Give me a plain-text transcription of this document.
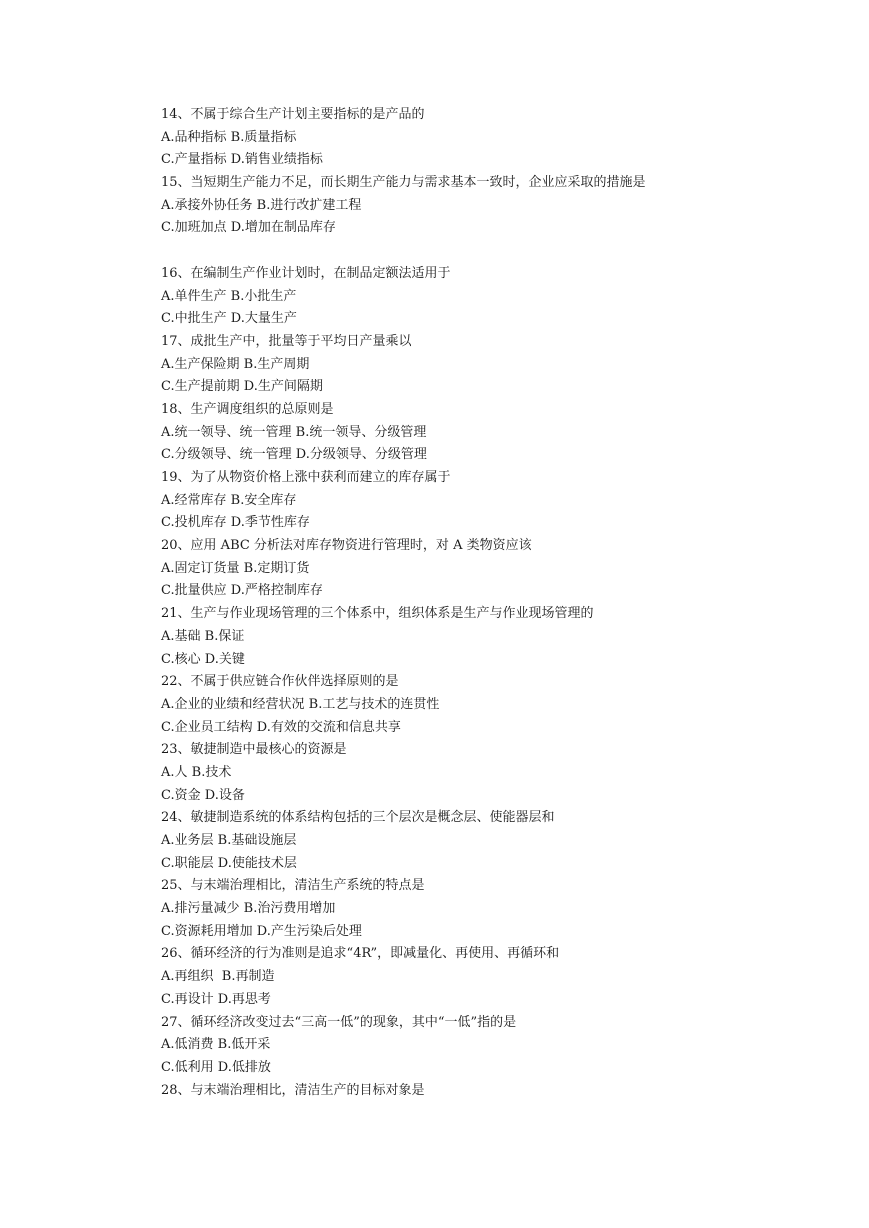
14、不属于综合生产计划主要指标的是产品的
A.品种指标 B.质量指标
C.产量指标 D.销售业绩指标
15、当短期生产能力不足，而长期生产能力与需求基本一致时，企业应采取的措施是
A.承接外协任务 B.进行改扩建工程
C.加班加点 D.增加在制品库存
16、在编制生产作业计划时，在制品定额法适用于
A.单件生产 B.小批生产
C.中批生产 D.大量生产
17、成批生产中，批量等于平均日产量乘以
A.生产保险期 B.生产周期
C.生产提前期 D.生产间隔期
18、生产调度组织的总原则是
A.统一领导、统一管理 B.统一领导、分级管理
C.分级领导、统一管理 D.分级领导、分级管理
19、为了从物资价格上涨中获利而建立的库存属于
A.经常库存 B.安全库存
C.投机库存 D.季节性库存
20、应用 ABC 分析法对库存物资进行管理时，对 A 类物资应该
A.固定订货量 B.定期订货
C.批量供应 D.严格控制库存
21、生产与作业现场管理的三个体系中，组织体系是生产与作业现场管理的
A.基础 B.保证
C.核心 D.关键
22、不属于供应链合作伙伴选择原则的是
A.企业的业绩和经营状况 B.工艺与技术的连贯性
C.企业员工结构 D.有效的交流和信息共享
23、敏捷制造中最核心的资源是
A.人 B.技术
C.资金 D.设备
24、敏捷制造系统的体系结构包括的三个层次是概念层、使能器层和
A.业务层 B.基础设施层
C.职能层 D.使能技术层
25、与末端治理相比，清洁生产系统的特点是
A.排污量减少 B.治污费用增加
C.资源耗用增加 D.产生污染后处理
26、循环经济的行为准则是追求“4R”，即减量化、再使用、再循环和
A.再组织  B.再制造
C.再设计 D.再思考
27、循环经济改变过去“三高一低”的现象，其中“一低”指的是
A.低消费 B.低开采
C.低利用 D.低排放
28、与末端治理相比，清洁生产的目标对象是
